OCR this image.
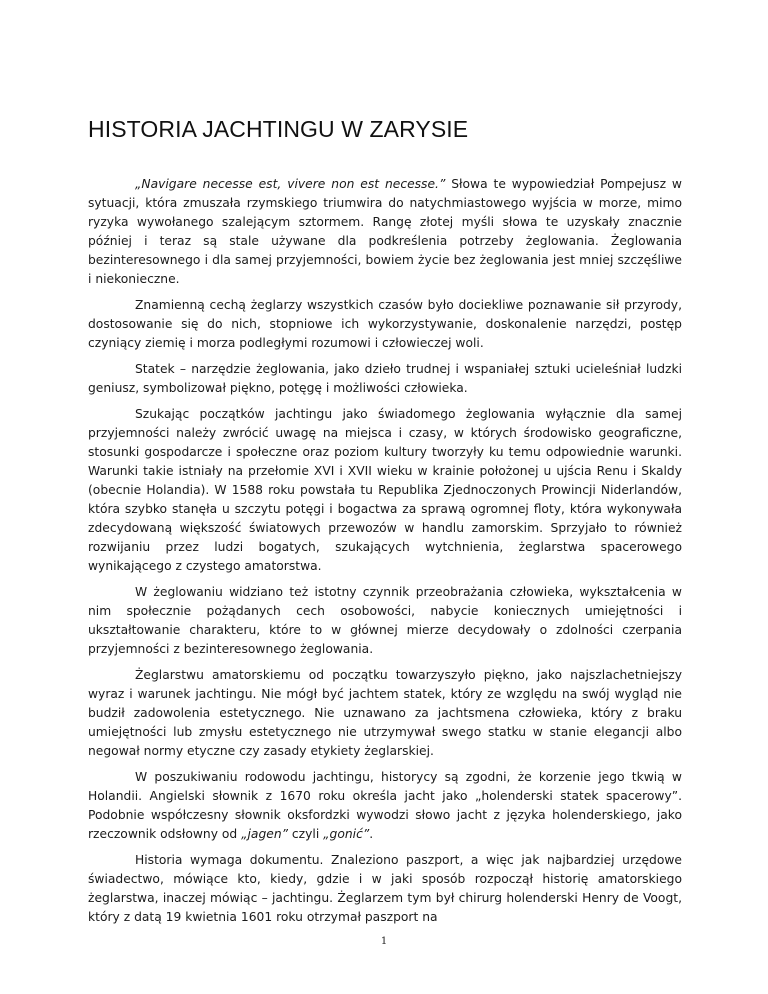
HISTORIA JACHTINGU W ZARYSIE

„Navigare necesse est, vivere non est necesse.” Słowa te wypowiedział Pompejusz w sytuacji, która zmuszała rzymskiego triumwira do natychmiastowego wyjścia w morze, mimo ryzyka wywołanego szalejącym sztormem. Rangę złotej myśli słowa te uzyskały znacznie później i teraz są stale używane dla podkreślenia potrzeby żeglowania. Żeglowania bezinteresownego i dla samej przyjemności, bowiem życie bez żeglowania jest mniej szczęśliwe i niekonieczne.

Znamienną cechą żeglarzy wszystkich czasów było dociekliwe poznawanie sił przyrody, dostosowanie się do nich, stopniowe ich wykorzystywanie, doskonalenie narzędzi, postęp czyniący ziemię i morza podległymi rozumowi i człowieczej woli.

Statek – narzędzie żeglowania, jako dzieło trudnej i wspaniałej sztuki ucieleśniał ludzki geniusz, symbolizował piękno, potęgę i możliwości człowieka.

Szukając początków jachtingu jako świadomego żeglowania wyłącznie dla samej przyjemności należy zwrócić uwagę na miejsca i czasy, w których środowisko geograficzne, stosunki gospodarcze i społeczne oraz poziom kultury tworzyły ku temu odpowiednie warunki. Warunki takie istniały na przełomie XVI i XVII wieku w krainie położonej u ujścia Renu i Skaldy (obecnie Holandia). W 1588 roku powstała tu Republika Zjednoczonych Prowincji Niderlandów, która szybko stanęła u szczytu potęgi i bogactwa za sprawą ogromnej floty, która wykonywała zdecydowaną większość światowych przewozów w handlu zamorskim. Sprzyjało to również rozwijaniu przez ludzi bogatych, szukających wytchnienia, żeglarstwa spacerowego wynikającego z czystego amatorstwa.

W żeglowaniu widziano też istotny czynnik przeobrażania człowieka, wykształcenia w nim społecznie pożądanych cech osobowości, nabycie koniecznych umiejętności i ukształtowanie charakteru, które to w głównej mierze decydowały o zdolności czerpania przyjemności z bezinteresownego żeglowania.

Żeglarstwu amatorskiemu od początku towarzyszyło piękno, jako najszlachetniejszy wyraz i warunek jachtingu. Nie mógł być jachtem statek, który ze względu na swój wygląd nie budził zadowolenia estetycznego. Nie uznawano za jachtsmena człowieka, który z braku umiejętności lub zmysłu estetycznego nie utrzymywał swego statku w stanie elegancji albo negował normy etyczne czy zasady etykiety żeglarskiej.

W poszukiwaniu rodowodu jachtingu, historycy są zgodni, że korzenie jego tkwią w Holandii. Angielski słownik z 1670 roku określa jacht jako „holenderski statek spacerowy”. Podobnie współczesny słownik oksfordzki wywodzi słowo jacht z języka holenderskiego, jako rzeczownik odsłowny od „jagen” czyli „gonić”.

Historia wymaga dokumentu. Znaleziono paszport, a więc jak najbardziej urzędowe świadectwo, mówiące kto, kiedy, gdzie i w jaki sposób rozpoczął historię amatorskiego żeglarstwa, inaczej mówiąc – jachtingu. Żeglarzem tym był chirurg holenderski Henry de Voogt, który z datą 19 kwietnia 1601 roku otrzymał paszport na

1
